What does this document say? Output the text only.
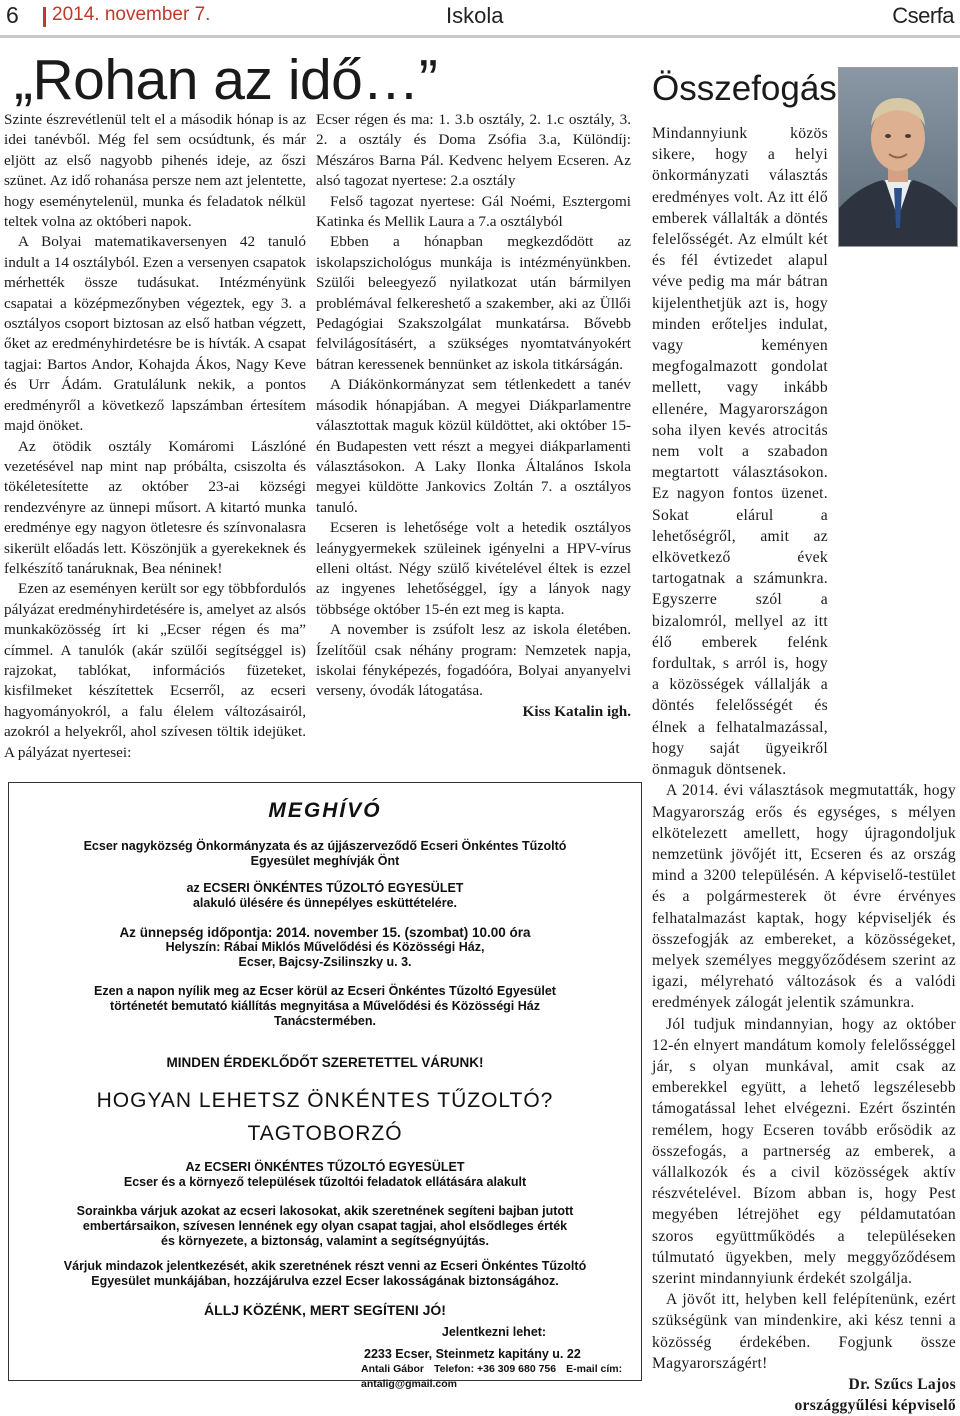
6 2014. november 7.	Iskola	Cserfa
„Rohan az idő…”

Szinte észrevétlenül telt el a második hónap is az idei tanévből. Még fel sem ocsúdtunk, és már eljött az első nagyobb pihenés ideje, az őszi szünet. Az idő rohanása persze nem azt jelentette, hogy eseménytelenül, munka és feladatok nélkül teltek volna az októberi napok.

A Bolyai matematikaversenyen 42 tanuló indult a 14 osztályból. Ezen a versenyen csapatok mérhették össze tudásukat. Intézményünk csapatai a középmezőnyben végeztek, egy 3. a osztályos csoport biztosan az első hatban végzett, őket az eredményhirdetésre be is hívták. A csapat tagjai: Bartos Andor, Kohajda Ákos, Nagy Keve és Urr Ádám. Gratulálunk nekik, a pontos eredményről a következő lapszámban értesítem majd önöket.

Az ötödik osztály Komáromi Lászlóné vezetésével nap mint nap próbálta, csiszolta és tökéletesítette az október 23-ai községi rendezvényre az ünnepi műsort. A kitartó munka eredménye egy nagyon ötletesre és színvonalasra sikerült előadás lett. Köszönjük a gyerekeknek és felkészítő tanáruknak, Bea néninek!

Ezen az eseményen került sor egy többfordulós pályázat eredményhirdetésére is, amelyet az alsós munkaközösség írt ki „Ecser régen és ma” címmel. A tanulók (akár szülői segítséggel is) rajzokat, tablókat, információs füzeteket, kisfilmeket készítettek Ecserről, az ecseri hagyományokról, a falu élelem változásairól, azokról a helyekről, ahol szívesen töltik idejüket. A pályázat nyertesei:

Ecser régen és ma: 1. 3.b osztály, 2. 1.c osztály, 3. 2. a osztály és Doma Zsófia 3.a, Különdíj: Mészáros Barna Pál. Kedvenc helyem Ecseren. Az alsó tagozat nyertese: 2.a osztály

Felső tagozat nyertese: Gál Noémi, Esztergomi Katinka és Mellik Laura a 7.a osztályból

Ebben a hónapban megkezdődött az iskolapszichológus munkája is intézményünkben. Szülői beleegyező nyilatkozat után bármilyen problémával felkereshető a szakember, aki az Üllői Pedagógiai Szakszolgálat munkatársa. Bővebb felvilágosításért, a szükséges nyomtatványokért bátran keressenek bennünket az iskola titkárságán.

A Diákönkormányzat sem tétlenkedett a tanév második hónapjában. A megyei Diákparlamentre választottak maguk közül küldöttet, aki október 15-én Budapesten vett részt a megyei diákparlamenti választásokon. A Laky Ilonka Általános Iskola megyei küldötte Jankovics Zoltán 7. a osztályos tanuló.

Ecseren is lehetősége volt a hetedik osztályos leánygyermekek szüleinek igényelni a HPV-vírus elleni oltást. Négy szülő kivételével éltek is ezzel az ingyenes lehetőséggel, így a lányok nagy többsége október 15-én ezt meg is kapta.

A november is zsúfolt lesz az iskola életében. Ízelítőül csak néhány program: Nemzetek napja, iskolai fényképezés, fogadóóra, Bolyai anyanyelvi verseny, óvodák látogatása.

Kiss Katalin igh.

Összefogás

Mindannyiunk közös sikere, hogy a helyi önkormányzati választás eredményes volt. Az itt élő emberek vállalták a döntés felelősségét. Az elmúlt két és fél évtizedet alapul véve pedig ma már bátran kijelenthetjük azt is, hogy minden erőteljes indulat, vagy keményen megfogalmazott gondolat mellett, vagy inkább ellenére, Magyarországon soha ilyen kevés atrocitás nem volt a szabadon megtartott választásokon. Ez nagyon fontos üzenet. Sokat elárul a lehetőségről, amit az elkövetkező évek tartogatnak a számunkra. Egyszerre szól a bizalomról, mellyel az itt élő emberek felénk fordultak, s arról is, hogy a közösségek vállalják a döntés felelősségét és élnek a felhatalmazással, hogy saját ügyeikről önmaguk döntsenek.

A 2014. évi választások megmutatták, hogy Magyarország erős és egységes, s mélyen elkötelezett amellett, hogy újragondoljuk nemzetünk jövőjét itt, Ecseren és az ország mind a 3200 településén. A képviselő-testület és a polgármesterek öt évre érvényes felhatalmazást kaptak, hogy képviseljék és összefogják az embereket, a közösségeket, melyek személyes meggyőződésem szerint az igazi, mélyreható változások és a valódi eredmények zálogát jelentik számunkra.

Jól tudjuk mindannyian, hogy az október 12-én elnyert mandátum komoly felelősséggel jár, s olyan munkával, amit csak az emberekkel együtt, a lehető legszélesebb támogatással lehet elvégezni. Ezért őszintén remélem, hogy Ecseren tovább erősödik az összefogás, a partnerség az emberek, a vállalkozók és a civil közösségek aktív részvételével. Bízom abban is, hogy Pest megyében létrejöhet egy példamutatóan szoros együttműködés a településeken túlmutató ügyekben, mely meggyőződésem szerint mindannyiunk érdekét szolgálja.

A jövőt itt, helyben kell felépítenünk, ezért szükségünk van mindenkire, aki kész tenni a közösség érdekében. Fogjunk össze Magyarországért!

Dr. Szűcs Lajos

országgyűlési képviselő

MEGHÍVÓ
Ecser nagyközség Önkormányzata és az újjászerveződő Ecseri Önkéntes Tűzoltó
Egyesület meghívják Önt
az ECSERI ÖNKÉNTES TŰZOLTÓ EGYESÜLET
alakuló ülésére és ünnepélyes esküttételére.
Az ünnepség időpontja: 2014. november 15. (szombat) 10.00 óra
Helyszín: Rábai Miklós Művelődési és Közösségi Ház,
Ecser, Bajcsy-Zsilinszky u. 3.
Ezen a napon nyílik meg az Ecser körül az Ecseri Önkéntes Tűzoltó Egyesület
történetét bemutató kiállítás megnyitása a Művelődési és Közösségi Ház
Tanácstermében.
MINDEN ÉRDEKLŐDŐT SZERETETTEL VÁRUNK!
HOGYAN LEHETSZ ÖNKÉNTES TŰZOLTÓ?
TAGTOBORZÓ
Az ECSERI ÖNKÉNTES TŰZOLTÓ EGYESÜLET
Ecser és a környező települések tűzoltói feladatok ellátására alakult
Sorainkba várjuk azokat az ecseri lakosokat, akik szeretnének segíteni bajban jutott
embertársaikon, szívesen lennének egy olyan csapat tagjai, ahol elsődleges érték
és környezete, a biztonság, valamint a segítségnyújtás.
Várjuk mindazok jelentkezését, akik szeretnének részt venni az Ecseri Önkéntes Tűzoltó
Egyesület munkájában, hozzájárulva ezzel Ecser lakosságának biztonságához.
ÁLLJ KÖZÉNK, MERT SEGÍTENI JÓ!
Jelentkezni lehet:
2233 Ecser, Steinmetz kapitány u. 22
Antali Gábor Telefon: +36 309 680 756 E-mail cím: antalig@gmail.com
